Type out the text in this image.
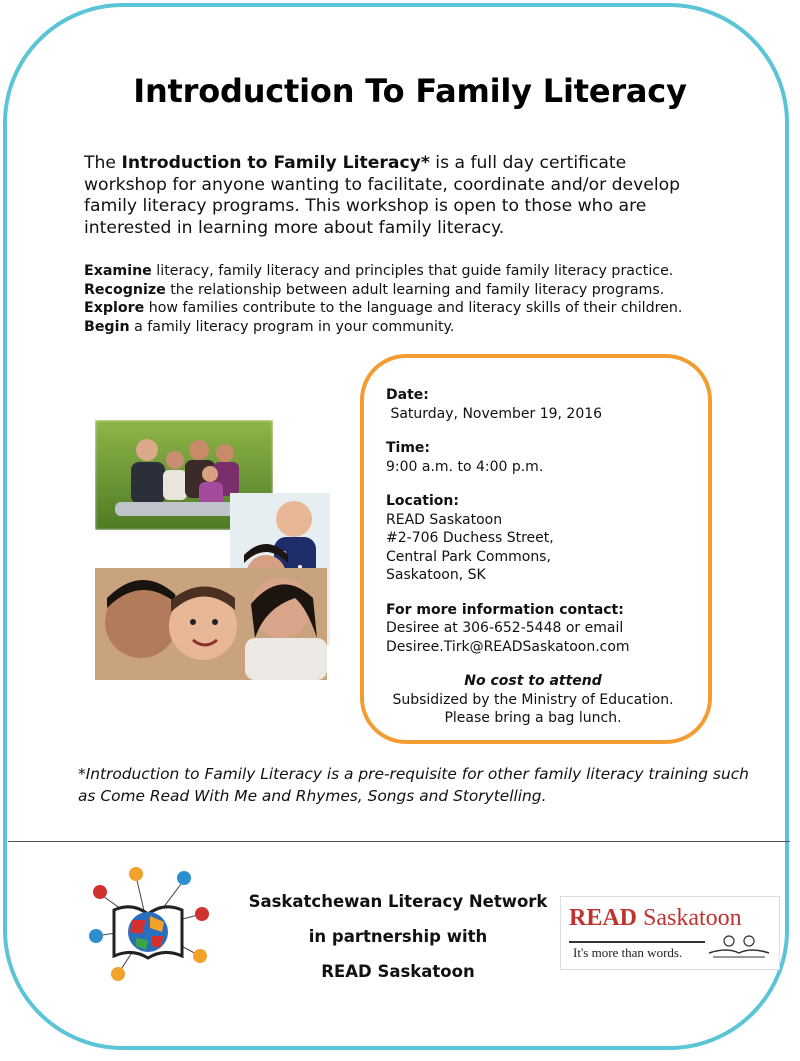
Introduction To Family Literacy
The Introduction to Family Literacy* is a full day certificate workshop for anyone wanting to facilitate, coordinate and/or develop family literacy programs. This workshop is open to those who are interested in learning more about family literacy.
Examine literacy, family literacy and principles that guide family literacy practice.
Recognize the relationship between adult learning and family literacy programs.
Explore how families contribute to the language and literacy skills of their children.
Begin a family literacy program in your community.
Date:
Saturday, November 19, 2016
Time:
9:00 a.m. to 4:00 p.m.
Location:
READ Saskatoon
#2-706 Duchess Street,
Central Park Commons,
Saskatoon, SK
For more information contact:
Desiree at 306-652-5448 or email
Desiree.Tirk@READSaskatoon.com
No cost to attend
Subsidized by the Ministry of Education.
Please bring a bag lunch.
*Introduction to Family Literacy is a pre-requisite for other family literacy training such as Come Read With Me and Rhymes, Songs and Storytelling.
Saskatchewan Literacy Network
in partnership with
READ Saskatoon
READ Saskatoon
It's more than words.
